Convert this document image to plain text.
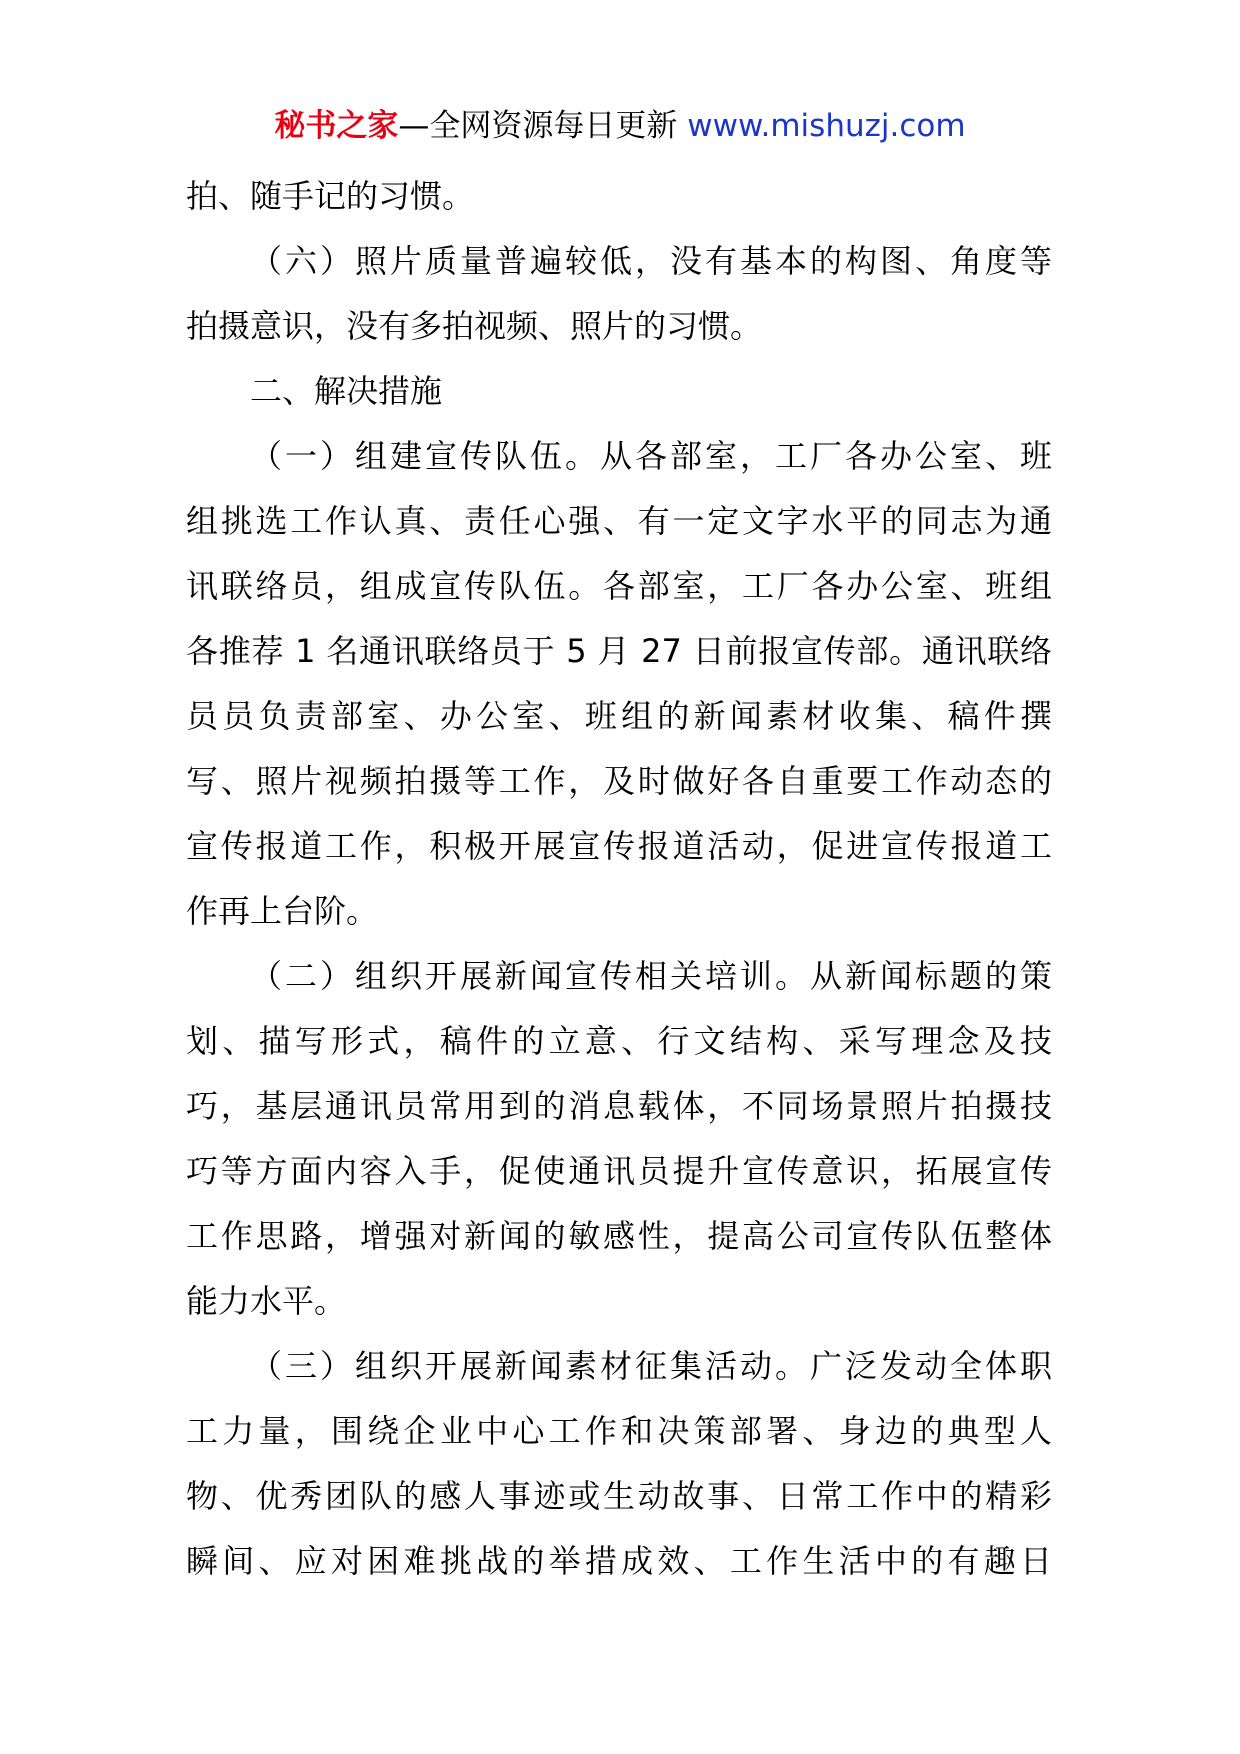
秘书之家—全网资源每日更新 www.mishuzj.com
拍、随手记的习惯。
（六）照片质量普遍较低，没有基本的构图、角度等
拍摄意识，没有多拍视频、照片的习惯。
二、解决措施
（一）组建宣传队伍。从各部室，工厂各办公室、班
组挑选工作认真、责任心强、有一定文字水平的同志为通
讯联络员，组成宣传队伍。各部室，工厂各办公室、班组
各推荐 1 名通讯联络员于 5 月 27 日前报宣传部。通讯联络
员员负责部室、办公室、班组的新闻素材收集、稿件撰
写、照片视频拍摄等工作，及时做好各自重要工作动态的
宣传报道工作，积极开展宣传报道活动，促进宣传报道工
作再上台阶。
（二）组织开展新闻宣传相关培训。从新闻标题的策
划、描写形式，稿件的立意、行文结构、采写理念及技
巧，基层通讯员常用到的消息载体，不同场景照片拍摄技
巧等方面内容入手，促使通讯员提升宣传意识，拓展宣传
工作思路，增强对新闻的敏感性，提高公司宣传队伍整体
能力水平。
（三）组织开展新闻素材征集活动。广泛发动全体职
工力量，围绕企业中心工作和决策部署、身边的典型人
物、优秀团队的感人事迹或生动故事、日常工作中的精彩
瞬间、应对困难挑战的举措成效、工作生活中的有趣日
